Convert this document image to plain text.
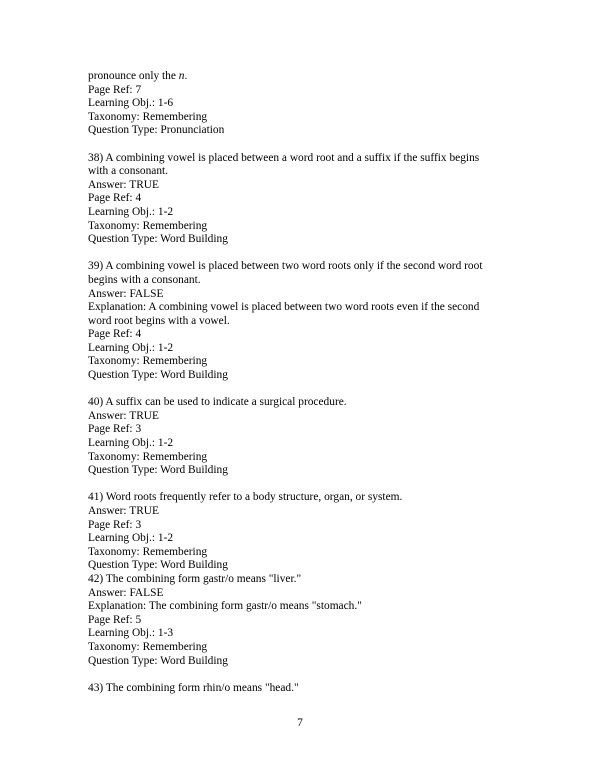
pronounce only the n.
Page Ref: 7
Learning Obj.: 1-6
Taxonomy: Remembering
Question Type: Pronunciation
38) A combining vowel is placed between a word root and a suffix if the suffix begins
with a consonant.
Answer: TRUE
Page Ref: 4
Learning Obj.: 1-2
Taxonomy: Remembering
Question Type: Word Building
39) A combining vowel is placed between two word roots only if the second word root
begins with a consonant.
Answer: FALSE
Explanation: A combining vowel is placed between two word roots even if the second
word root begins with a vowel.
Page Ref: 4
Learning Obj.: 1-2
Taxonomy: Remembering
Question Type: Word Building
40) A suffix can be used to indicate a surgical procedure.
Answer: TRUE
Page Ref: 3
Learning Obj.: 1-2
Taxonomy: Remembering
Question Type: Word Building
41) Word roots frequently refer to a body structure, organ, or system.
Answer: TRUE
Page Ref: 3
Learning Obj.: 1-2
Taxonomy: Remembering
Question Type: Word Building
42) The combining form gastr/o means "liver."
Answer: FALSE
Explanation: The combining form gastr/o means "stomach."
Page Ref: 5
Learning Obj.: 1-3
Taxonomy: Remembering
Question Type: Word Building
43) The combining form rhin/o means "head."
7
